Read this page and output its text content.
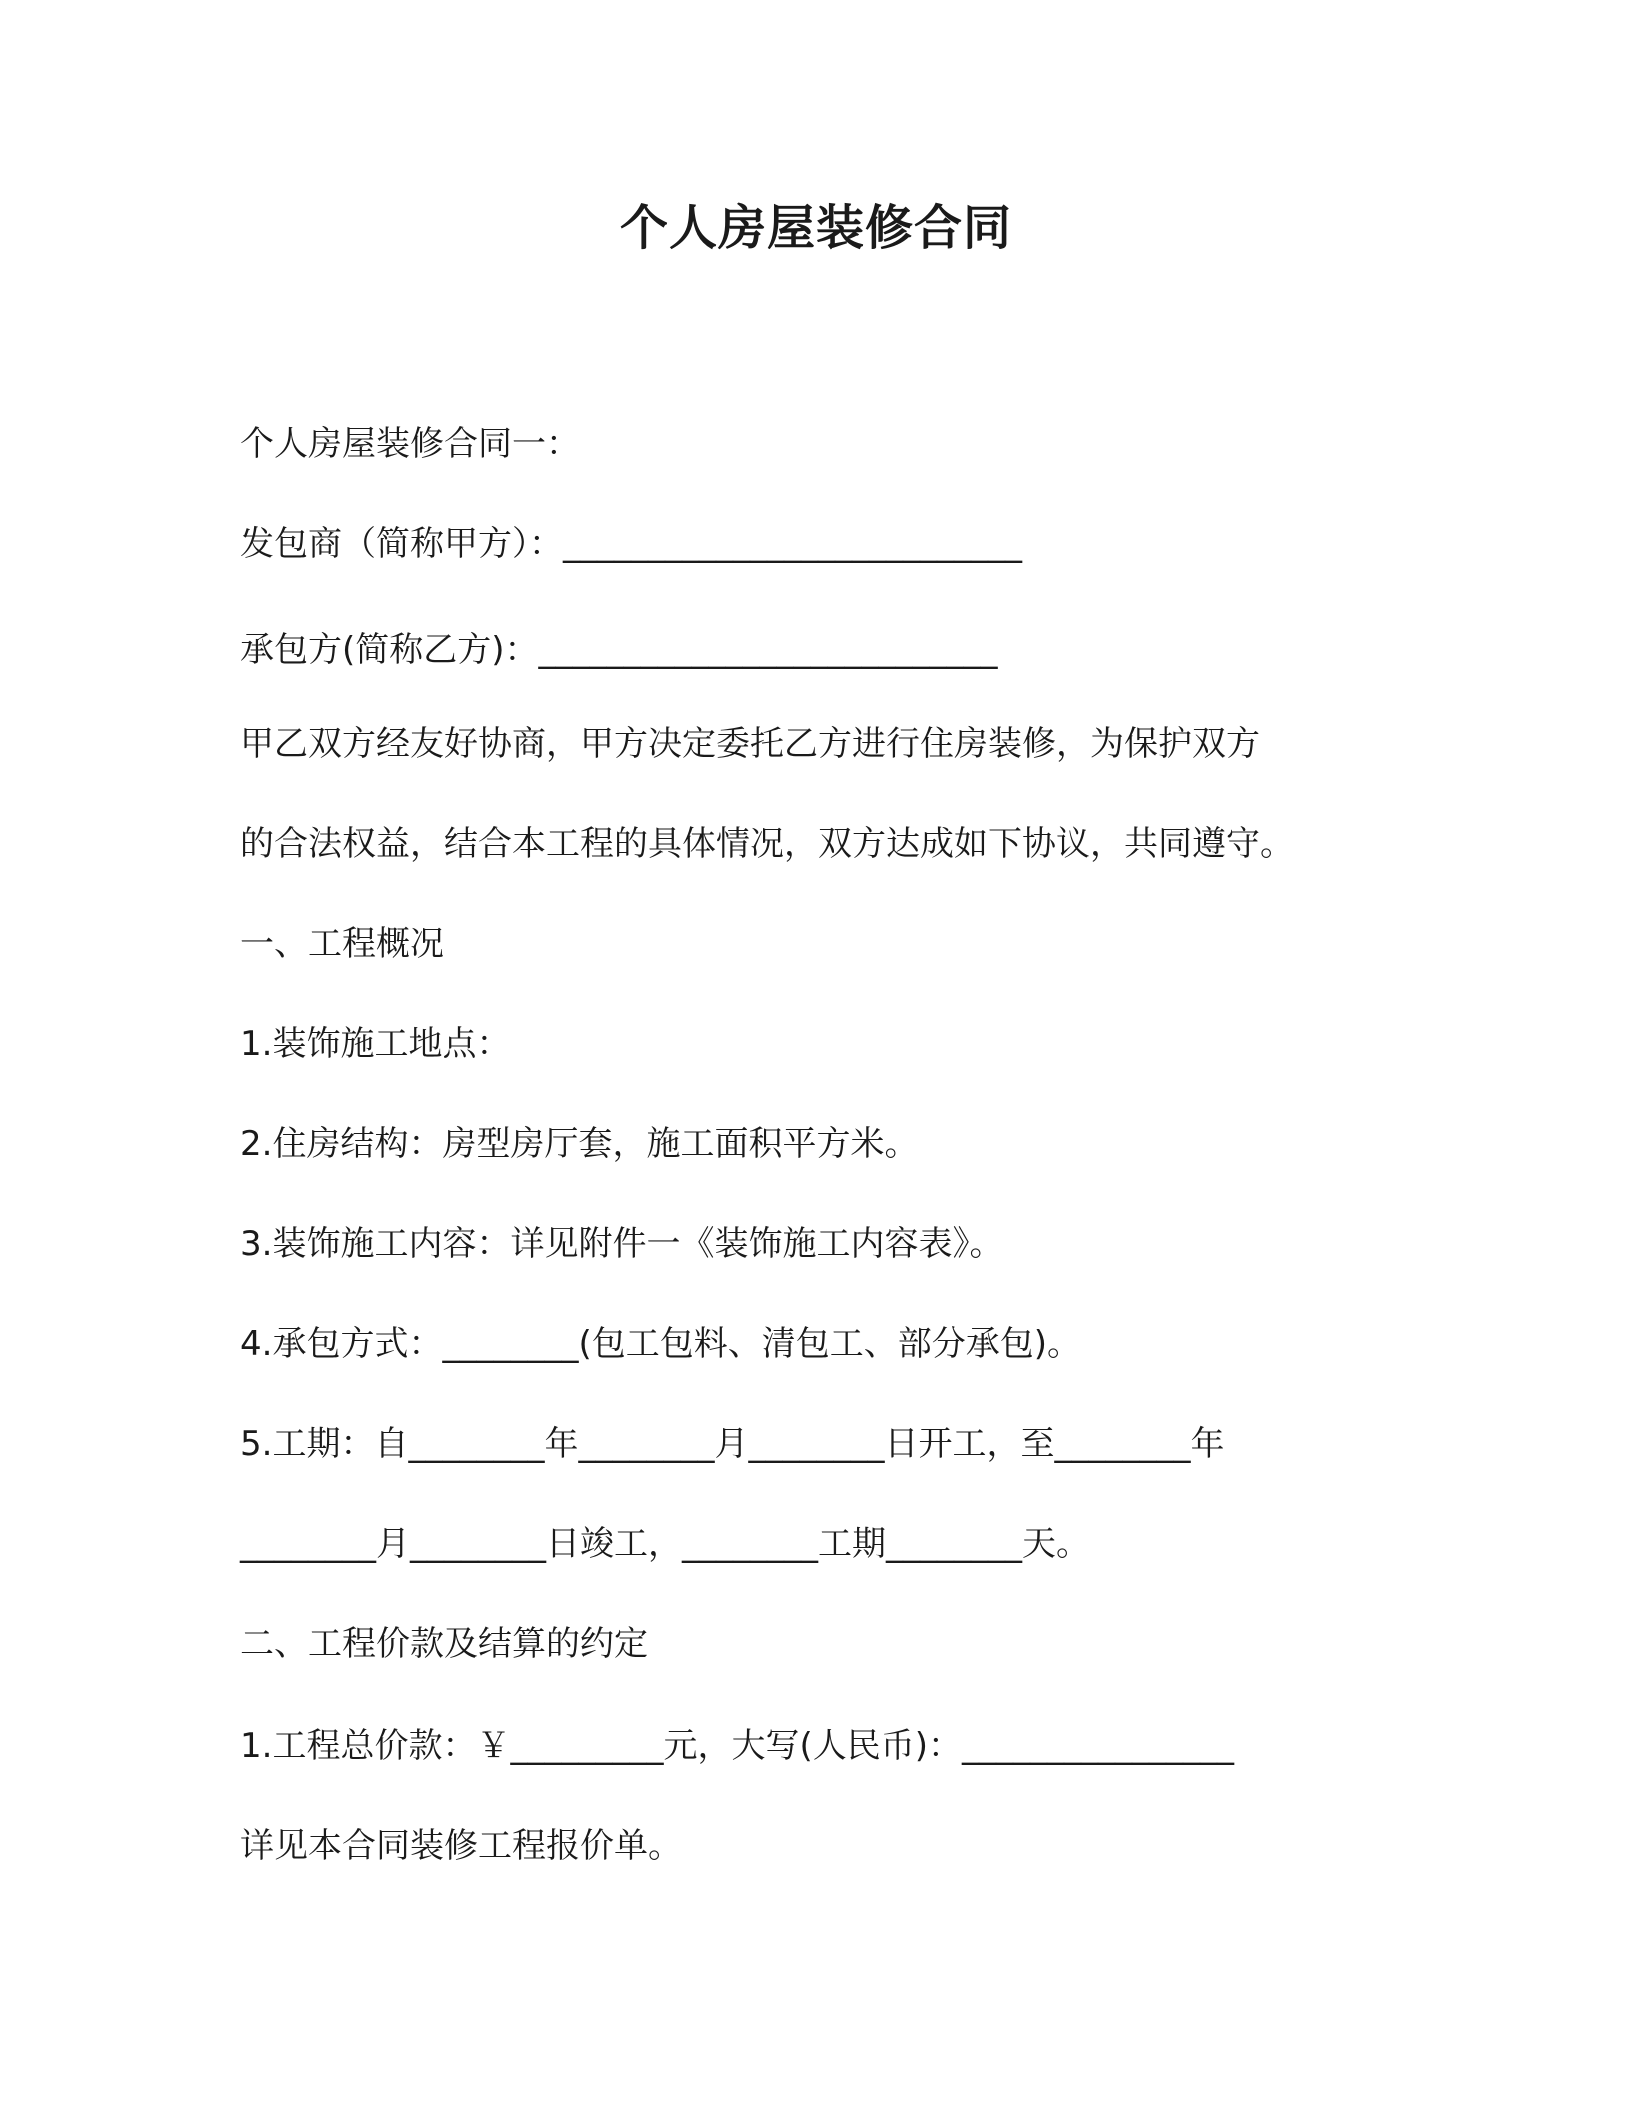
个人房屋装修合同

个人房屋装修合同一：

发包商（简称甲方）：___________________________

承包方(简称乙方)：___________________________

甲乙双方经友好协商，甲方决定委托乙方进行住房装修，为保护双方

的合法权益，结合本工程的具体情况，双方达成如下协议，共同遵守。

一、工程概况

1.装饰施工地点：

2.住房结构：房型房厅套，施工面积平方米。

3.装饰施工内容：详见附件一《装饰施工内容表》。

4.承包方式：________(包工包料、清包工、部分承包)。

5.工期：自________年________月________日开工，至________年

________月________日竣工，________工期________天。

二、工程价款及结算的约定

1.工程总价款：￥_________元，大写(人民币)：________________

详见本合同装修工程报价单。
